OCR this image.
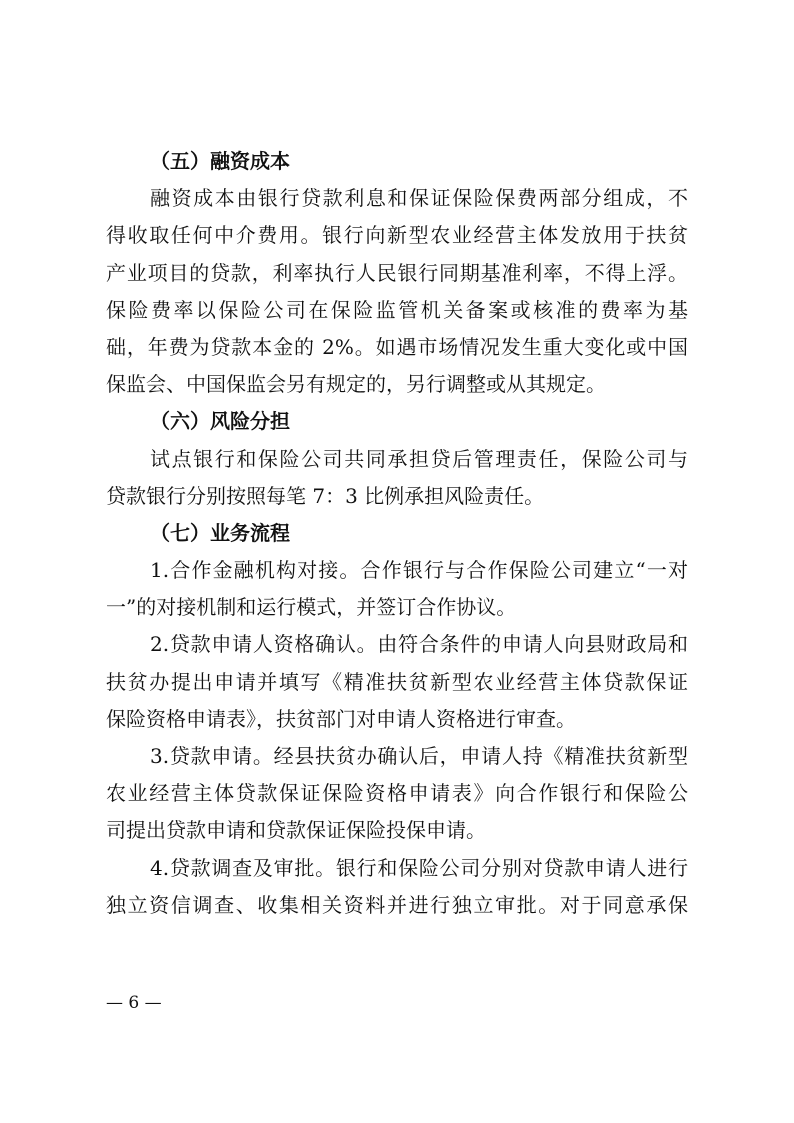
（五）融资成本
融资成本由银行贷款利息和保证保险保费两部分组成，不
得收取任何中介费用。银行向新型农业经营主体发放用于扶贫
产业项目的贷款，利率执行人民银行同期基准利率，不得上浮。
保险费率以保险公司在保险监管机关备案或核准的费率为基
础，年费为贷款本金的 2%。如遇市场情况发生重大变化或中国
保监会、中国保监会另有规定的，另行调整或从其规定。
（六）风险分担
试点银行和保险公司共同承担贷后管理责任，保险公司与
贷款银行分别按照每笔 7：3 比例承担风险责任。
（七）业务流程
1.合作金融机构对接。合作银行与合作保险公司建立“一对
一”的对接机制和运行模式，并签订合作协议。
2.贷款申请人资格确认。由符合条件的申请人向县财政局和
扶贫办提出申请并填写《精准扶贫新型农业经营主体贷款保证
保险资格申请表》，扶贫部门对申请人资格进行审查。
3.贷款申请。经县扶贫办确认后，申请人持《精准扶贫新型
农业经营主体贷款保证保险资格申请表》向合作银行和保险公
司提出贷款申请和贷款保证保险投保申请。
4.贷款调查及审批。银行和保险公司分别对贷款申请人进行
独立资信调查、收集相关资料并进行独立审批。对于同意承保
— 6 —
